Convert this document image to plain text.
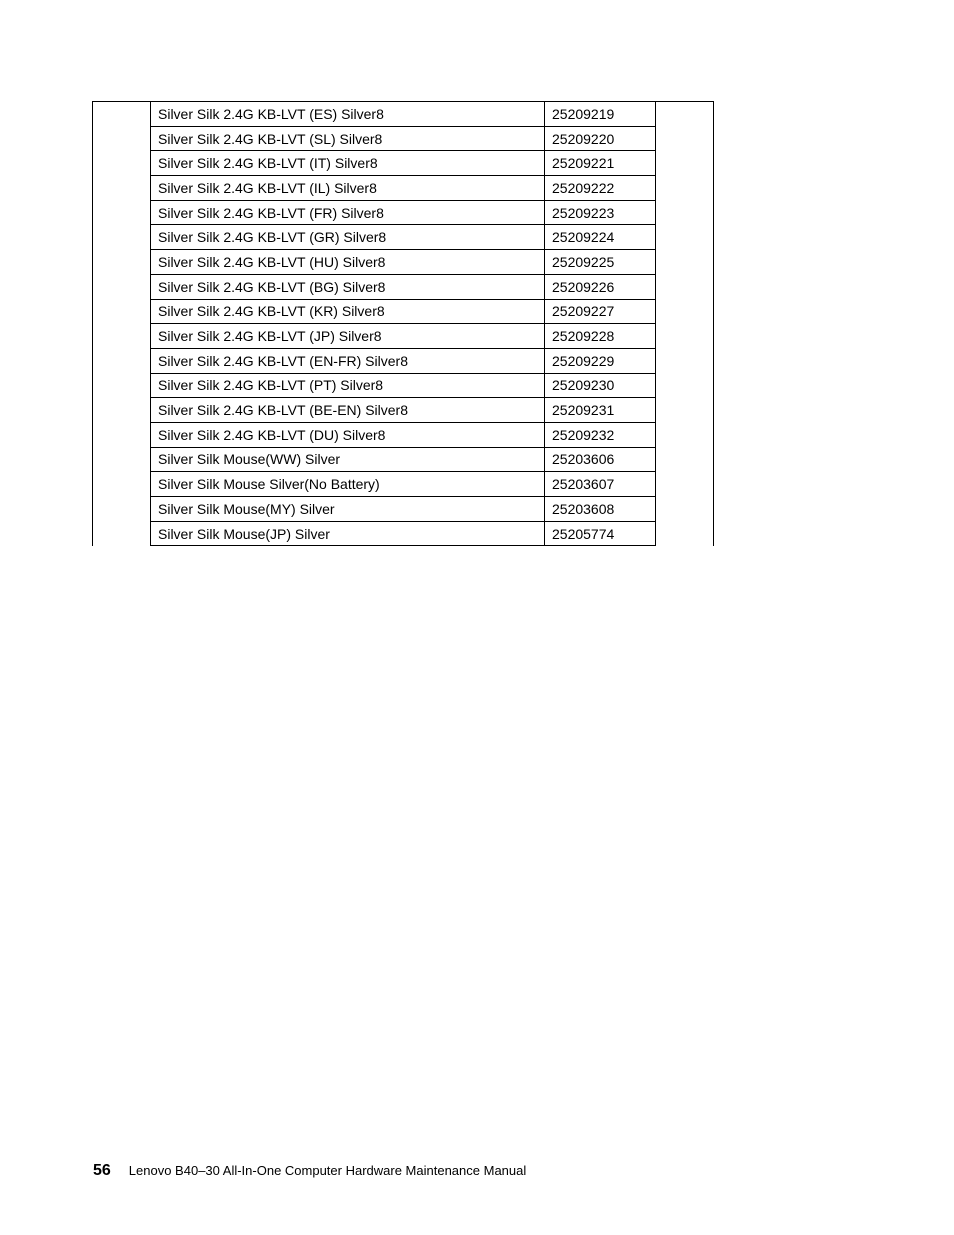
	Silver Silk 2.4G KB-LVT (ES) Silver8	25209219	
	Silver Silk 2.4G KB-LVT (SL) Silver8	25209220	
	Silver Silk 2.4G KB-LVT (IT) Silver8	25209221	
	Silver Silk 2.4G KB-LVT (IL) Silver8	25209222	
	Silver Silk 2.4G KB-LVT (FR) Silver8	25209223	
	Silver Silk 2.4G KB-LVT (GR) Silver8	25209224	
	Silver Silk 2.4G KB-LVT (HU) Silver8	25209225	
	Silver Silk 2.4G KB-LVT (BG) Silver8	25209226	
	Silver Silk 2.4G KB-LVT (KR) Silver8	25209227	
	Silver Silk 2.4G KB-LVT (JP) Silver8	25209228	
	Silver Silk 2.4G KB-LVT (EN-FR) Silver8	25209229	
	Silver Silk 2.4G KB-LVT (PT) Silver8	25209230	
	Silver Silk 2.4G KB-LVT (BE-EN) Silver8	25209231	
	Silver Silk 2.4G KB-LVT (DU) Silver8	25209232	
	Silver Silk Mouse(WW) Silver	25203606	
	Silver Silk Mouse Silver(No Battery)	25203607	
	Silver Silk Mouse(MY) Silver	25203608	
	Silver Silk Mouse(JP) Silver	25205774	
56 Lenovo B40–30 All-In-One Computer Hardware Maintenance Manual
